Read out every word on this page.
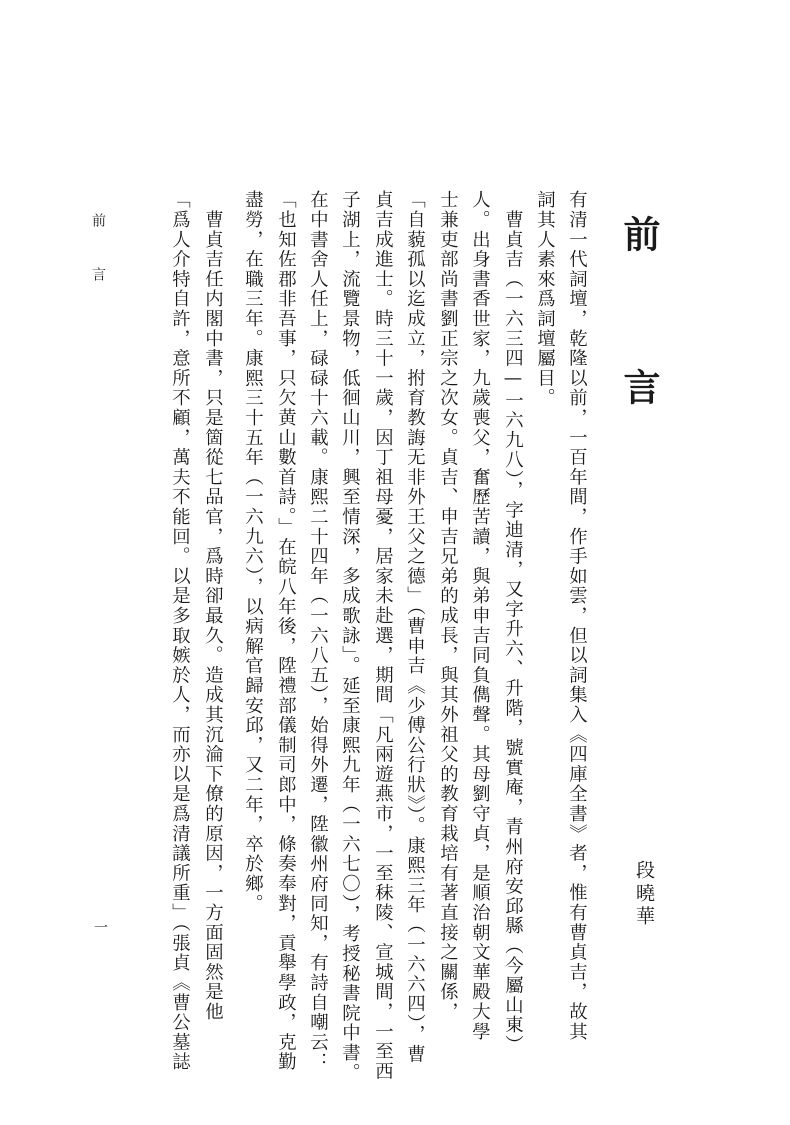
前 言
段曉華
有清一代詞壇，乾隆以前，一百年間，作手如雲，但以詞集入《四庫全書》者，惟有曹貞吉，故其
詞其人素來爲詞壇屬目。
　曹貞吉（一六三四—一六九八），字迪清，又字升六、升階，號實庵，青州府安邱縣（今屬山東）
人。出身書香世家，九歲喪父，奮歷苦讀，與弟申吉同負儁聲。其母劉守貞，是順治朝文華殿大學
士兼吏部尚書劉正宗之次女。貞吉、申吉兄弟的成長，與其外祖父的教育栽培有著直接之關係，
「自藐孤以迄成立，拊育教誨无非外王父之德」（曹申吉《少傅公行狀》）。康熙三年（一六六四），曹
貞吉成進士。時三十一歲，因丁祖母憂，居家未赴選，期間「凡兩遊燕市，一至秣陵、宣城間，一至西
子湖上，流覽景物，低徊山川，興至情深，多成歌詠」。延至康熙九年（一六七〇），考授秘書院中書。
在中書舍人任上，碌碌十六載。康熙二十四年（一六八五），始得外遷，陞徽州府同知，有詩自嘲云：
「也知佐郡非吾事，只欠黄山數首詩。」在皖八年後，陞禮部儀制司郎中，條奏奉對，貢舉學政，克勤
盡勞，在職三年。康熙三十五年（一六九六），以病解官歸安邱，又二年，卒於鄉。
　曹貞吉任内閣中書，只是箇從七品官，爲時卻最久。造成其沉淪下僚的原因，一方面固然是他
「爲人介特自許，意所不顧，萬夫不能回。以是多取嫉於人，而亦以是爲清議所重」（張貞《曹公墓誌
前 言
一
